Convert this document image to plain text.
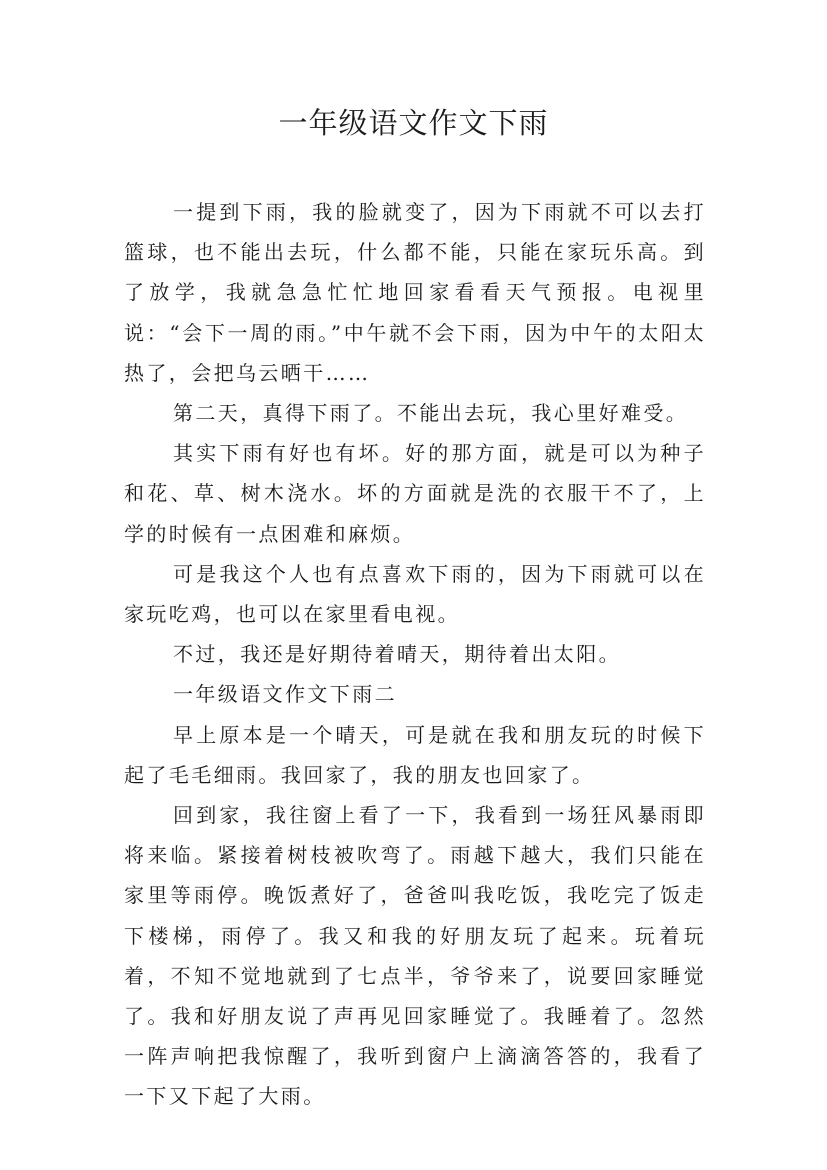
一年级语文作文下雨

一提到下雨，我的脸就变了，因为下雨就不可以去打篮球，也不能出去玩，什么都不能，只能在家玩乐高。到了放学，我就急急忙忙地回家看看天气预报。电视里说：“会下一周的雨。”中午就不会下雨，因为中午的太阳太热了，会把乌云晒干……

第二天，真得下雨了。不能出去玩，我心里好难受。

其实下雨有好也有坏。好的那方面，就是可以为种子和花、草、树木浇水。坏的方面就是洗的衣服干不了，上学的时候有一点困难和麻烦。

可是我这个人也有点喜欢下雨的，因为下雨就可以在家玩吃鸡，也可以在家里看电视。

不过，我还是好期待着晴天，期待着出太阳。

一年级语文作文下雨二

早上原本是一个晴天，可是就在我和朋友玩的时候下起了毛毛细雨。我回家了，我的朋友也回家了。

回到家，我往窗上看了一下，我看到一场狂风暴雨即将来临。紧接着树枝被吹弯了。雨越下越大，我们只能在家里等雨停。晚饭煮好了，爸爸叫我吃饭，我吃完了饭走下楼梯，雨停了。我又和我的好朋友玩了起来。玩着玩着，不知不觉地就到了七点半，爷爷来了，说要回家睡觉了。我和好朋友说了声再见回家睡觉了。我睡着了。忽然一阵声响把我惊醒了，我听到窗户上滴滴答答的，我看了一下又下起了大雨。
